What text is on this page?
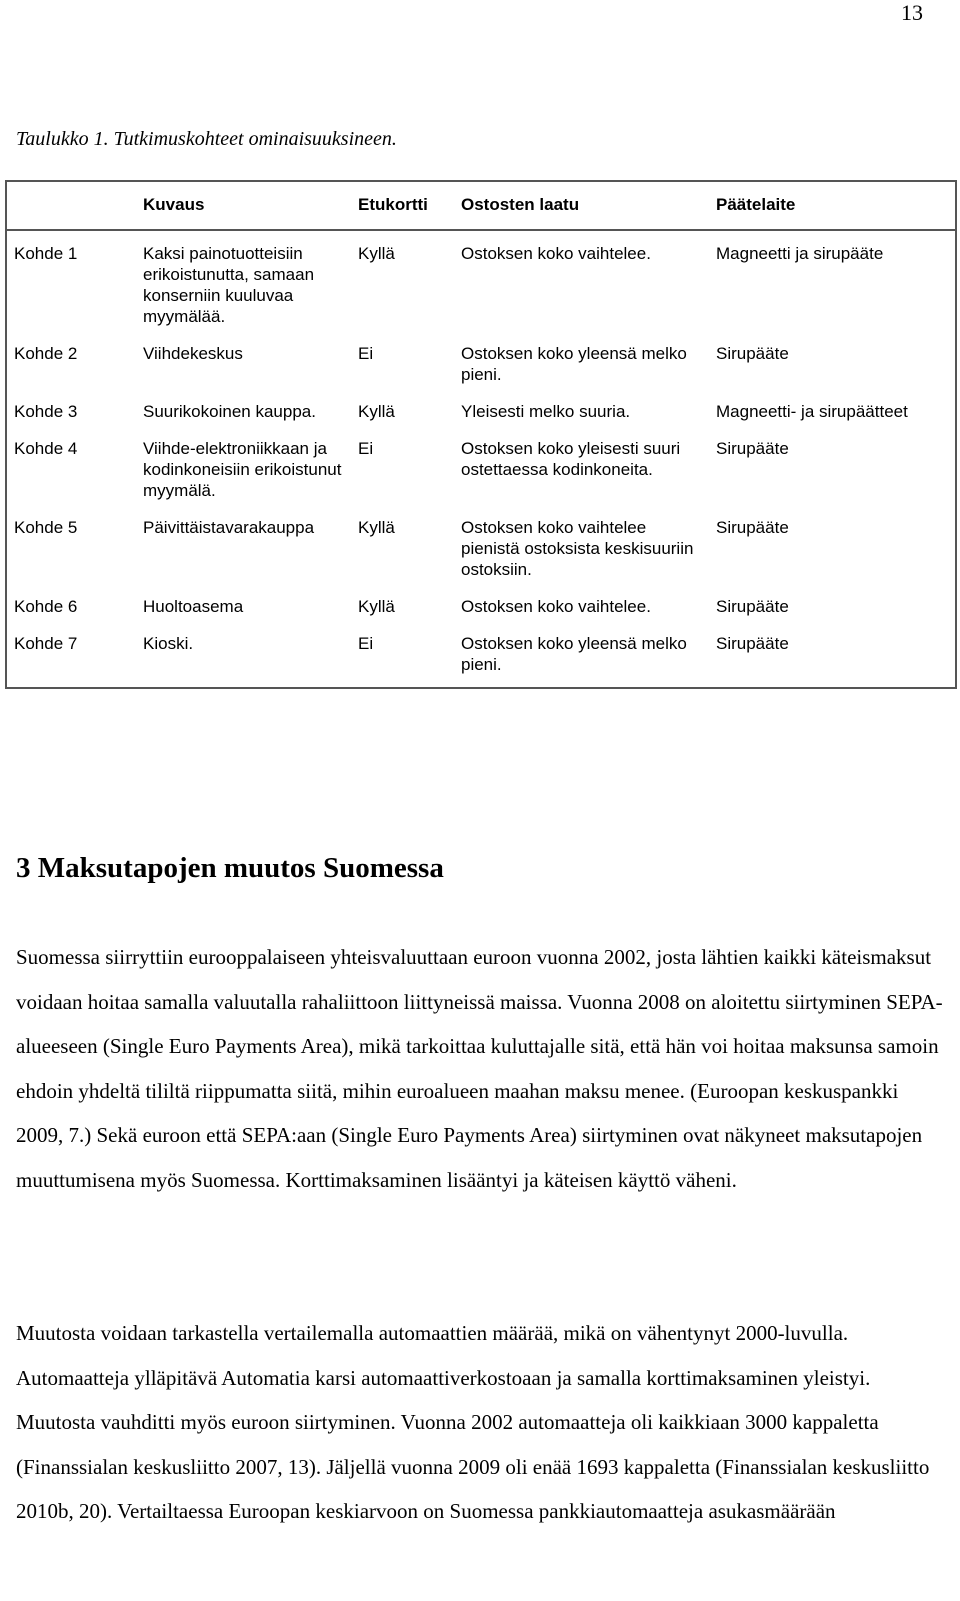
13
Taulukko 1. Tutkimuskohteet ominaisuuksineen.
	Kuvaus	Etukortti	Ostosten laatu	Päätelaite
Kohde 1	Kaksi painotuotteisiin erikoistunutta, samaan konserniin kuuluvaa myymälää.	Kyllä	Ostoksen koko vaihtelee.	Magneetti ja sirupääte
Kohde 2	Viihdekeskus	Ei	Ostoksen koko yleensä melko pieni.	Sirupääte
Kohde 3	Suurikokoinen kauppa.	Kyllä	Yleisesti melko suuria.	Magneetti- ja sirupäätteet
Kohde 4	Viihde-elektroniikkaan ja kodinkoneisiin erikoistunut myymälä.	Ei	Ostoksen koko yleisesti suuri ostettaessa kodinkoneita.	Sirupääte
Kohde 5	Päivittäistavarakauppa	Kyllä	Ostoksen koko vaihtelee pienistä ostoksista keskisuuriin ostoksiin.	Sirupääte
Kohde 6	Huoltoasema	Kyllä	Ostoksen koko vaihtelee.	Sirupääte
Kohde 7	Kioski.	Ei	Ostoksen koko yleensä melko pieni.	Sirupääte
3 Maksutapojen muutos Suomessa

Suomessa siirryttiin eurooppalaiseen yhteisvaluuttaan euroon vuonna 2002, josta lähtien kaikki käteismaksut voidaan hoitaa samalla valuutalla rahaliittoon liittyneissä maissa. Vuonna 2008 on aloitettu siirtyminen SEPA-alueeseen (Single Euro Payments Area), mikä tarkoittaa kuluttajalle sitä, että hän voi hoitaa maksunsa samoin ehdoin yhdeltä tililtä riippumatta siitä, mihin euroalueen maahan maksu menee. (Euroopan keskuspankki 2009, 7.) Sekä euroon että SEPA:aan (Single Euro Payments Area) siirtyminen ovat näkyneet maksutapojen muuttumisena myös Suomessa. Korttimaksaminen lisääntyi ja käteisen käyttö väheni.

Muutosta voidaan tarkastella vertailemalla automaattien määrää, mikä on vähentynyt 2000-luvulla. Automaatteja ylläpitävä Automatia karsi automaattiverkostoaan ja samalla korttimaksaminen yleistyi. Muutosta vauhditti myös euroon siirtyminen. Vuonna 2002 automaatteja oli kaikkiaan 3000 kappaletta (Finanssialan keskusliitto 2007, 13). Jäljellä vuonna 2009 oli enää 1693 kappaletta (Finanssialan keskusliitto 2010b, 20). Vertailtaessa Euroopan keskiarvoon on Suomessa pankkiautomaatteja asukasmäärään
